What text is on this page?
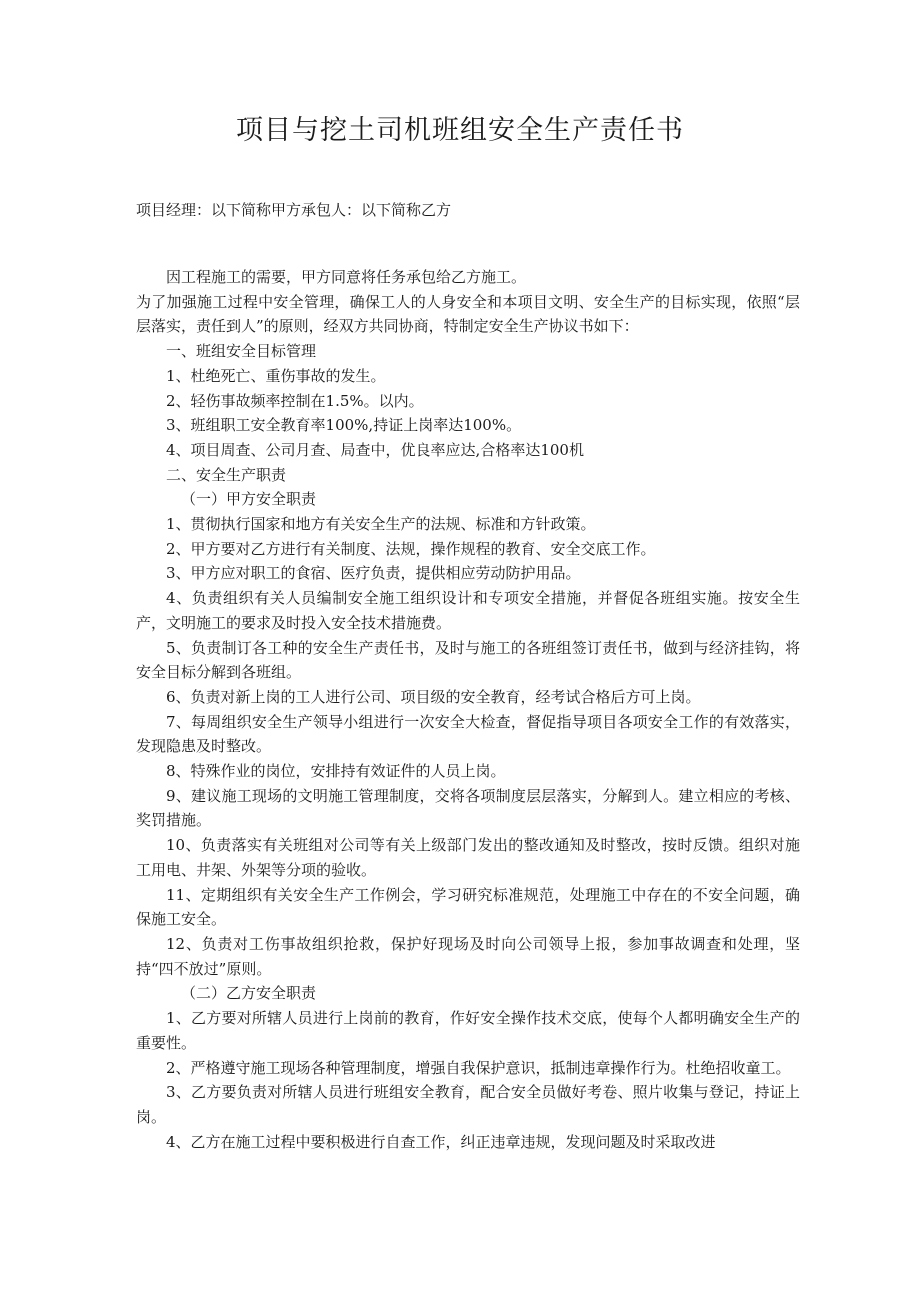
项目与挖土司机班组安全生产责任书
项目经理：以下简称甲方承包人：以下简称乙方

因工程施工的需要，甲方同意将任务承包给乙方施工。

为了加强施工过程中安全管理，确保工人的人身安全和本项目文明、安全生产的目标实现，依照“层层落实，责任到人”的原则，经双方共同协商，特制定安全生产协议书如下：

一、班组安全目标管理

1、杜绝死亡、重伤事故的发生。

2、轻伤事故频率控制在1.5%。以内。

3、班组职工安全教育率100%,持证上岗率达100%。

4、项目周查、公司月查、局查中，优良率应达,合格率达100机

二、安全生产职责

（一）甲方安全职责

1、贯彻执行国家和地方有关安全生产的法规、标准和方针政策。

2、甲方要对乙方进行有关制度、法规，操作规程的教育、安全交底工作。

3、甲方应对职工的食宿、医疗负责，提供相应劳动防护用品。

4、负责组织有关人员编制安全施工组织设计和专项安全措施，并督促各班组实施。按安全生产，文明施工的要求及时投入安全技术措施费。

5、负责制订各工种的安全生产责任书，及时与施工的各班组签订责任书，做到与经济挂钩，将安全目标分解到各班组。

6、负责对新上岗的工人进行公司、项目级的安全教育，经考试合格后方可上岗。

7、每周组织安全生产领导小组进行一次安全大检查，督促指导项目各项安全工作的有效落实，发现隐患及时整改。

8、特殊作业的岗位，安排持有效证件的人员上岗。

9、建议施工现场的文明施工管理制度，交将各项制度层层落实，分解到人。建立相应的考核、奖罚措施。

10、负责落实有关班组对公司等有关上级部门发出的整改通知及时整改，按时反馈。组织对施工用电、井架、外架等分项的验收。

11、定期组织有关安全生产工作例会，学习研究标准规范，处理施工中存在的不安全问题，确保施工安全。

12、负责对工伤事故组织抢救，保护好现场及时向公司领导上报，参加事故调查和处理，坚持“四不放过”原则。

（二）乙方安全职责

1、乙方要对所辖人员进行上岗前的教育，作好安全操作技术交底，使每个人都明确安全生产的重要性。

2、严格遵守施工现场各种管理制度，增强自我保护意识，抵制违章操作行为。杜绝招收童工。

3、乙方要负责对所辖人员进行班组安全教育，配合安全员做好考卷、照片收集与登记，持证上岗。

4、乙方在施工过程中要积极进行自查工作，纠正违章违规，发现问题及时采取改进
